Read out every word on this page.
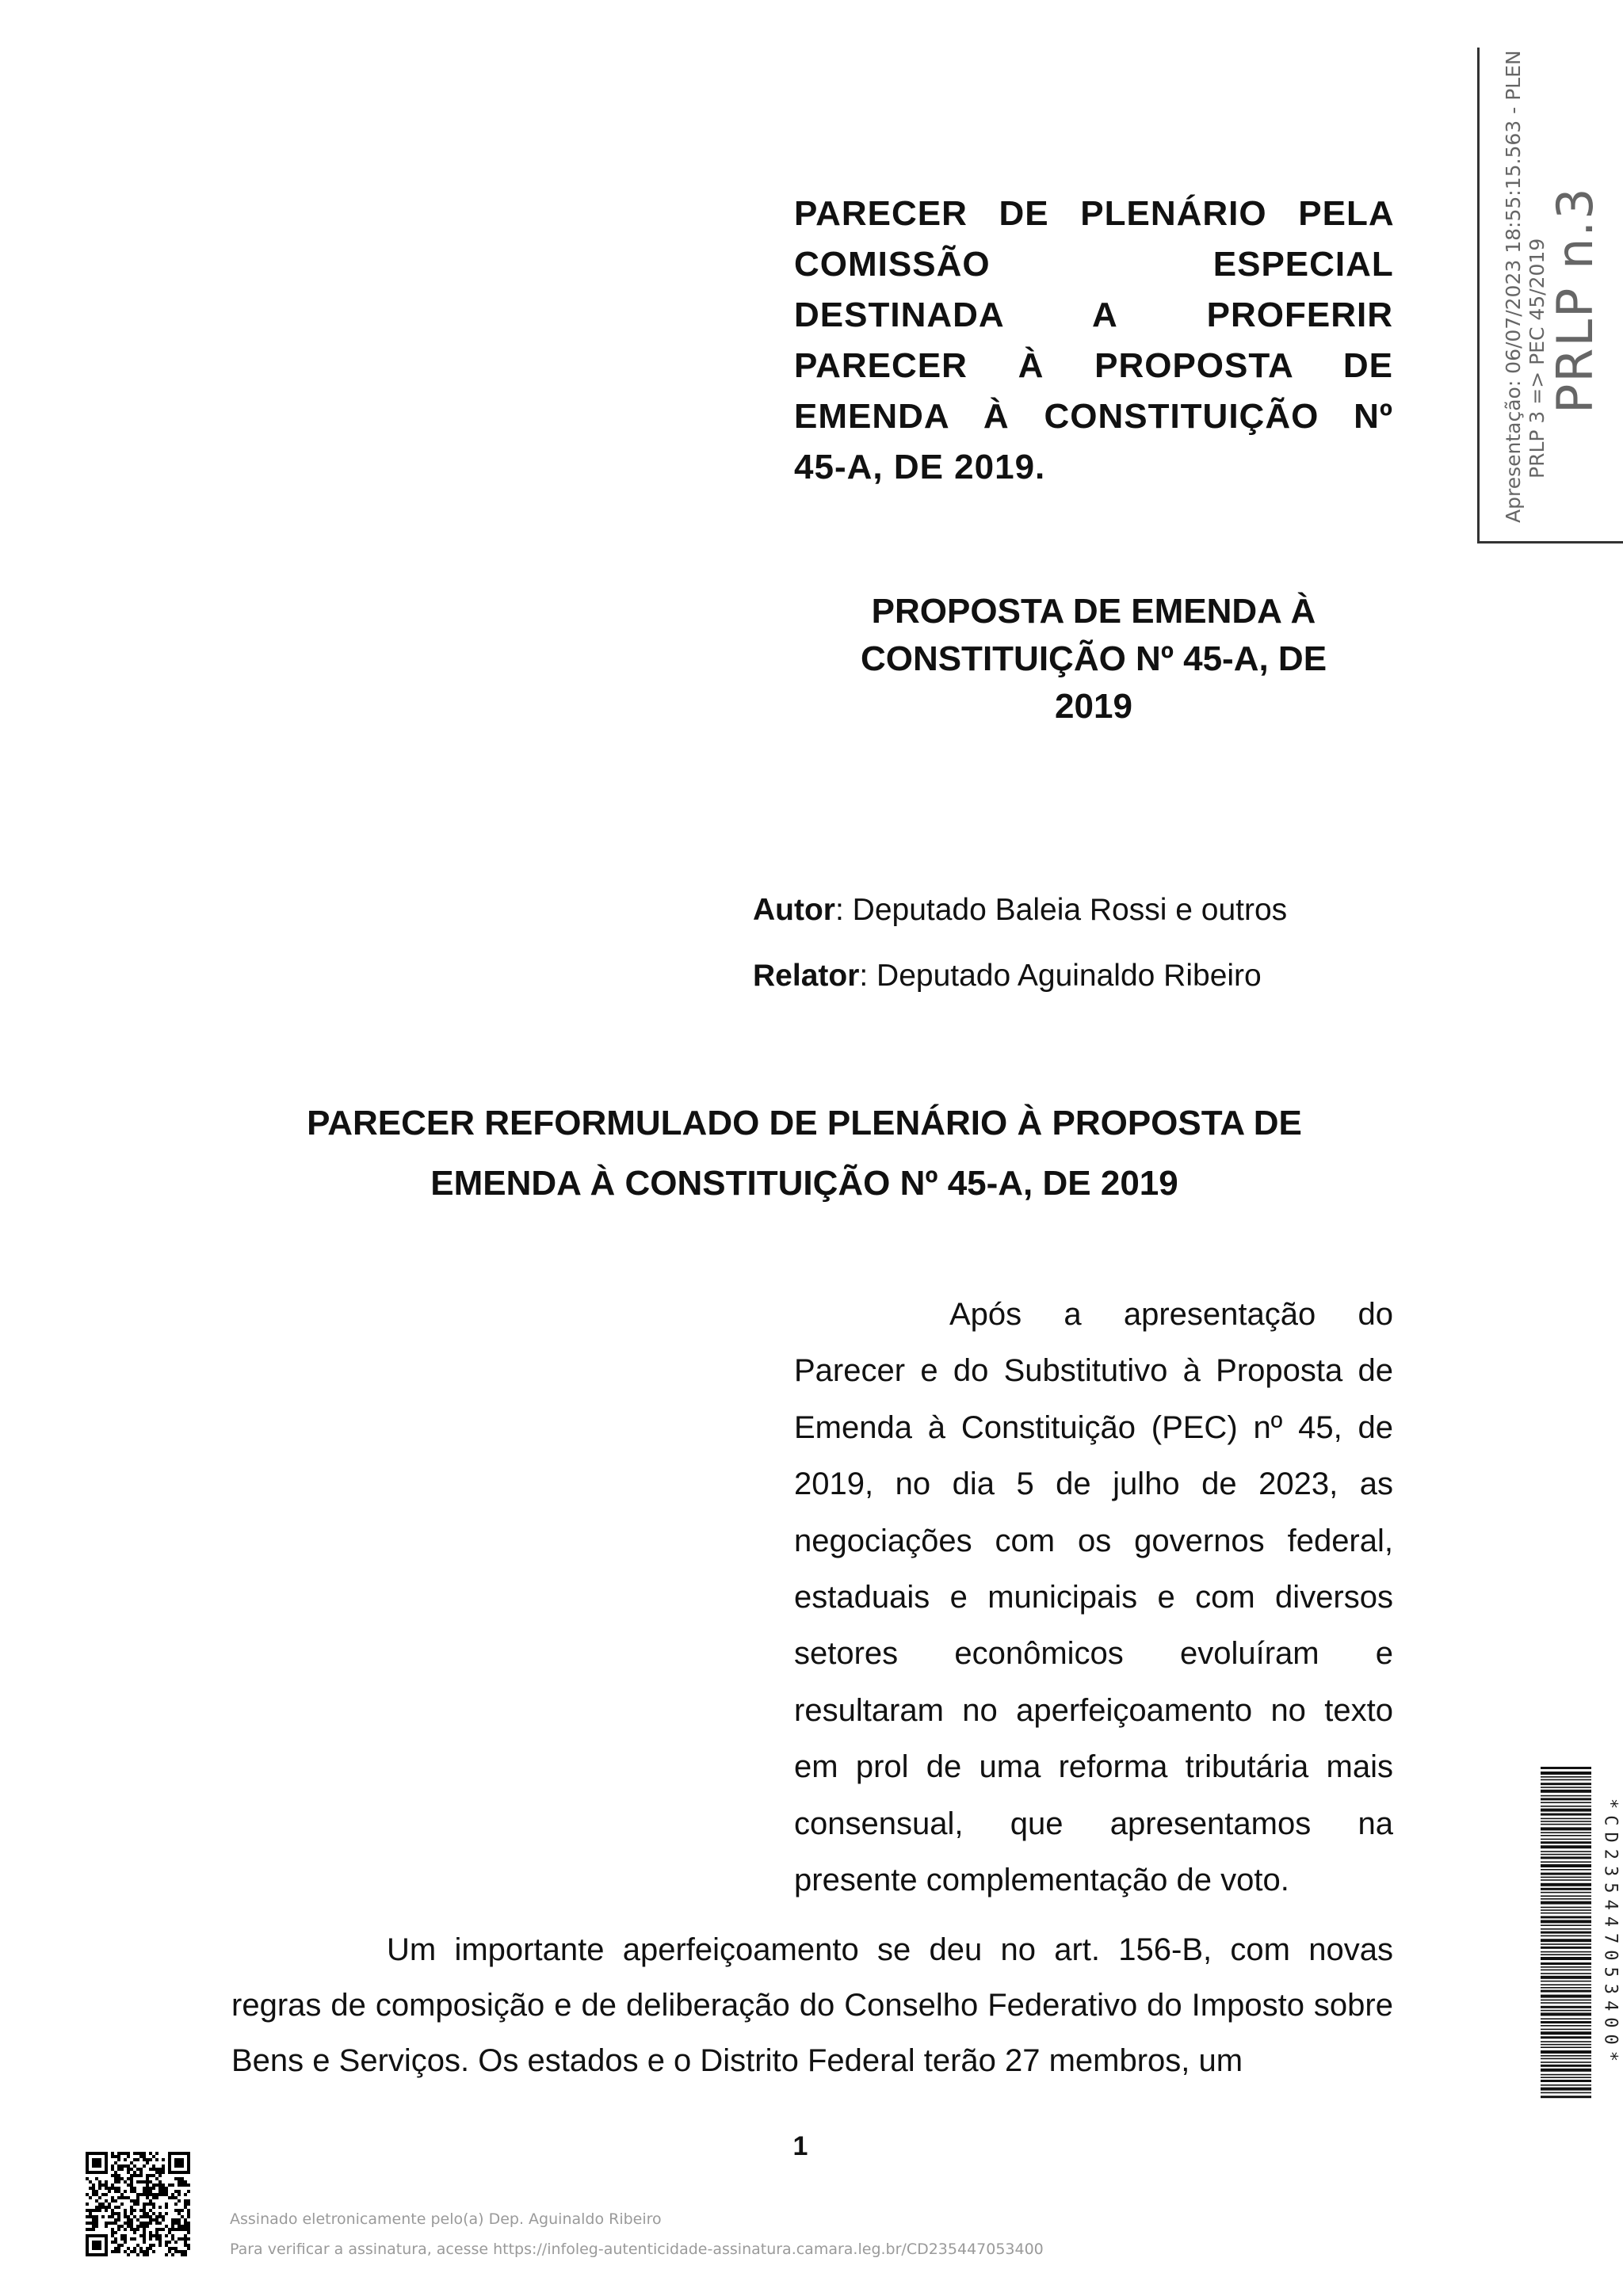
Apresentação: 06/07/2023 18:55:15.563 - PLEN PRLP 3 => PEC 45/2019
PRLP n.3
PARECER DE PLENÁRIO PELA COMISSÃO ESPECIAL DESTINADA A PROFERIR PARECER À PROPOSTA DE EMENDA À CONSTITUIÇÃO Nº
45-A, DE 2019.
PROPOSTA DE EMENDA À
CONSTITUIÇÃO Nº 45-A, DE
2019
Autor: Deputado Baleia Rossi e outros
Relator: Deputado Aguinaldo Ribeiro
PARECER REFORMULADO DE PLENÁRIO À PROPOSTA DE
EMENDA À CONSTITUIÇÃO Nº 45-A, DE 2019
Após a apresentação do Parecer e do Substitutivo à Proposta de Emenda à Constituição (PEC) nº 45, de 2019, no dia 5 de julho de 2023, as negociações com os governos federal, estaduais e municipais e com diversos setores econômicos evoluíram e resultaram no aperfeiçoamento no texto em prol de uma reforma tributária mais consensual, que apresentamos na presente complementação de voto.
Um importante aperfeiçoamento se deu no art. 156-B, com novas regras de composição e de deliberação do Conselho Federativo do Imposto sobre Bens e Serviços. Os estados e o Distrito Federal terão 27 membros, um
1
*CD235447053400*
Assinado eletronicamente pelo(a) Dep. Aguinaldo Ribeiro
Para verificar a assinatura, acesse https://infoleg-autenticidade-assinatura.camara.leg.br/CD235447053400
